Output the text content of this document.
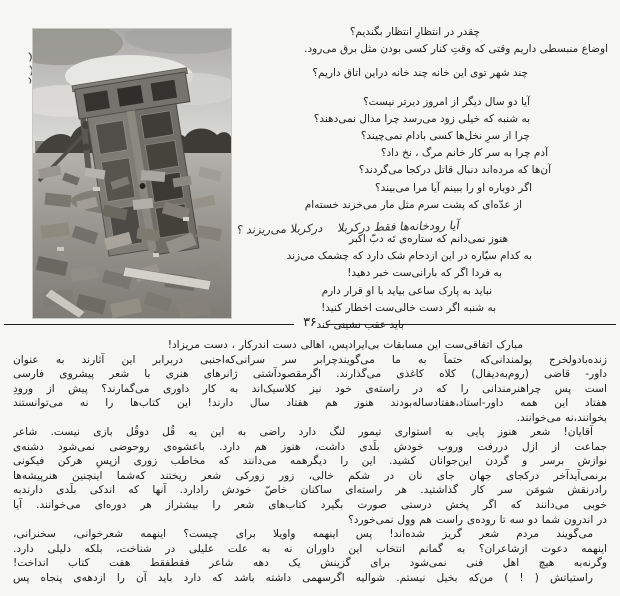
چقدر در انتظارِ انتظار بگندیم؟
اوضاع منبسطی داریم وقتی که وقتِ کنار کسی بودن مثل برق می‌رود.
چند شهر توی این خانه چند خانه دراین اتاق داریم؟
آیا دو سال دیگر از امروز دیرتر نیست؟
به شنبه که خیلی زود می‌رسد چرا مدال نمی‌دهند؟
چرا از سرِ نخل‌ها کسی بادام نمی‌چیند؟
آدم چرا به سر کار خانم مرگ ، نخ داد؟
آن‌ها که مرده‌اند دنبال قاتل درکجا می‌گردند؟
اگر دوباره او را ببینم آیا مرا می‌بیند؟
از عدّه‌ای که پشت سرم مثل مار می‌خزند خسته‌ام
آیا رودخانه‌ها فقط درکربلا    درکربلا می‌ریزند ؟
هنوز نمی‌دانم که ستاره‌ی تَه دبّ اکبر
به کدام سیّاره در این ازدحام شک دارد که چشمک می‌زند
به فردا اگر که بارانی‌ست خبر دهید!
نباید به پارک ساعی بیاید با او قرار دارم
به شنبه اگر دست خالی‌ست اخطار کنید!
باید عقب نشینی کند
۳۶
مبارک اتفاقی‌ست این مسابقات بی‌ایرادپس، اهالی دست اندرکار ، دست مریزاد!
زنده‌بادولخرج پولمندانی‌که حتماً به ما می‌گویندچرابر سر سرانی‌که‌اجنبی دربرابر این آثارند به عنوان
داور‐ قاضی (روم‌به‌دیفال) کلاه کاغذی می‌گذارند. اگرمقصودآشتی ژانرهای هنری با شعر پیشروی فارسی
است پس چراهنرمندانی را که در راسته‌ی خود نیز کلاسیک‌اند به کار داوری می‌گمارند؟ پیش از ورودِ
هفتاد این همه داور‐استاد،هفتادساله‌بودند هنوز هم هفتاد سال دارند! این کتاب‌ها را نه می‌توانستند
بخوانند،نه می‌خوانند.
آقایان! شعر هنوز پایی به استواری تیمور لنگ دارد راضی به این یه قُل دوقُل بازی نیست. شاعر
جماعت از ازل دررفت وروب خودش بلَدی داشت، هنوز هم دارد. باعشوه‌ی روحوضی نمی‌شود دشنه‌ی
نوازش برسر و گردن این‌جوانان کشید. این را دیگرهمه می‌دانند که مخاطب زوری ازپسِ هرکن فیکونی
برنمی‌آیدآخر درکجای جهان جای نان در شکم خالی، زور زورکی شعر ریختند که‌شما اینچنین هنرپیشه‌ها
رادرنقش شومَن سر کار گذاشتید. هر راسته‌ای ساکنان خاصّ خودش رادارد. آنها که اندکی بلَدی دارندبه
خوبی می‌دانند که اگر پخش درستی صورت بگیرد کتاب‌های شعر را بیشتراز هر دوره‌ای می‌خوانند. آیا
در اندرون شما دو سه تا روده‌ی راست هم وول نمی‌خورد؟
می‌گویند مردم شعر گریز شده‌اند! پس اینهمه واویلا برای چیست؟ اینهمه شعرخوانی، سخنرانی،
اینهمه دعوت ازشاعران؟ به گمانم انتخاب این داوران نه به علت علیلی در شناخت، بلکه دلیلی دارد.
وگرنه‌به هیچ اهل فنی نمی‌شود برای گزینش یک دهه شاعر فقطفقط هفت کتاب انداخت!
راستیاتش ( ! ) من‌که بخیل نیستم. شوالیه اگرسهمی داشته باشد که دارد باید آن را ازدهه‌ی پنجاه پس
